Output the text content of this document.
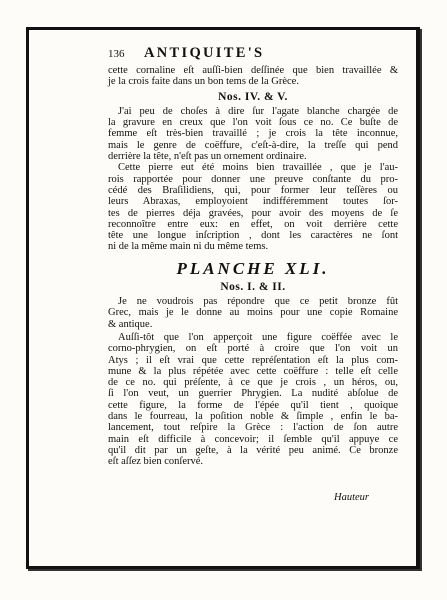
136	ANTIQUITE'S
cette cornaline eſt auſſi-bien deſſinée que bien travaillée &
je la crois faite dans un bon tems de la Grèce.
Nos. IV. & V.
J'ai peu de choſes à dire ſur l'agate blanche chargée de
la gravure en creux que l'on voit ſous ce no. Ce buſte de
femme eſt très-bien travaillé ; je crois la tête inconnue,
mais le genre de coëffure, c'eſt-à-dire, la treſſe qui pend
derrière la tête, n'eſt pas un ornement ordinaire.
Cette pierre eut été moins bien travaillée , que je l'au-
rois rapportée pour donner une preuve conſtante du pro-
cédé des Braſilidiens, qui, pour former leur teſſères ou
leurs Abraxas, employoient indifféremment toutes ſor-
tes de pierres déja gravées, pour avoir des moyens de ſe
reconnoître entre eux: en effet, on voit derrière cette
tête une longue inſcription , dont les caractères ne ſont
ni de la même main ni du même tems.
PLANCHE XLI.
Nos. I. & II.
Je ne voudrois pas répondre que ce petit bronze fût
Grec, mais je le donne au moins pour une copie Romaine
& antique.
Auſſi-tôt que l'on apperçoit une figure coëffée avec le
corno-phrygien, on eſt porté à croire que l'on voit un
Atys ; il eſt vrai que cette repréſentation eſt la plus com-
mune & la plus répétée avec cette coëffure : telle eſt celle
de ce no. qui préſente, à ce que je crois , un héros, ou,
ſi l'on veut, un guerrier Phrygien. La nudité abſolue de
cette figure, la forme de l'épée qu'il tient , quoique
dans le fourreau, la poſition noble & ſimple , enfin le ba-
lancement, tout reſpire la Grèce : l'action de ſon autre
main eſt difficile à concevoir; il ſemble qu'il appuye ce
qu'il dit par un geſte, à la vérité peu animé. Ce bronze
eſt aſſez bien conſervé.
Hauteur
